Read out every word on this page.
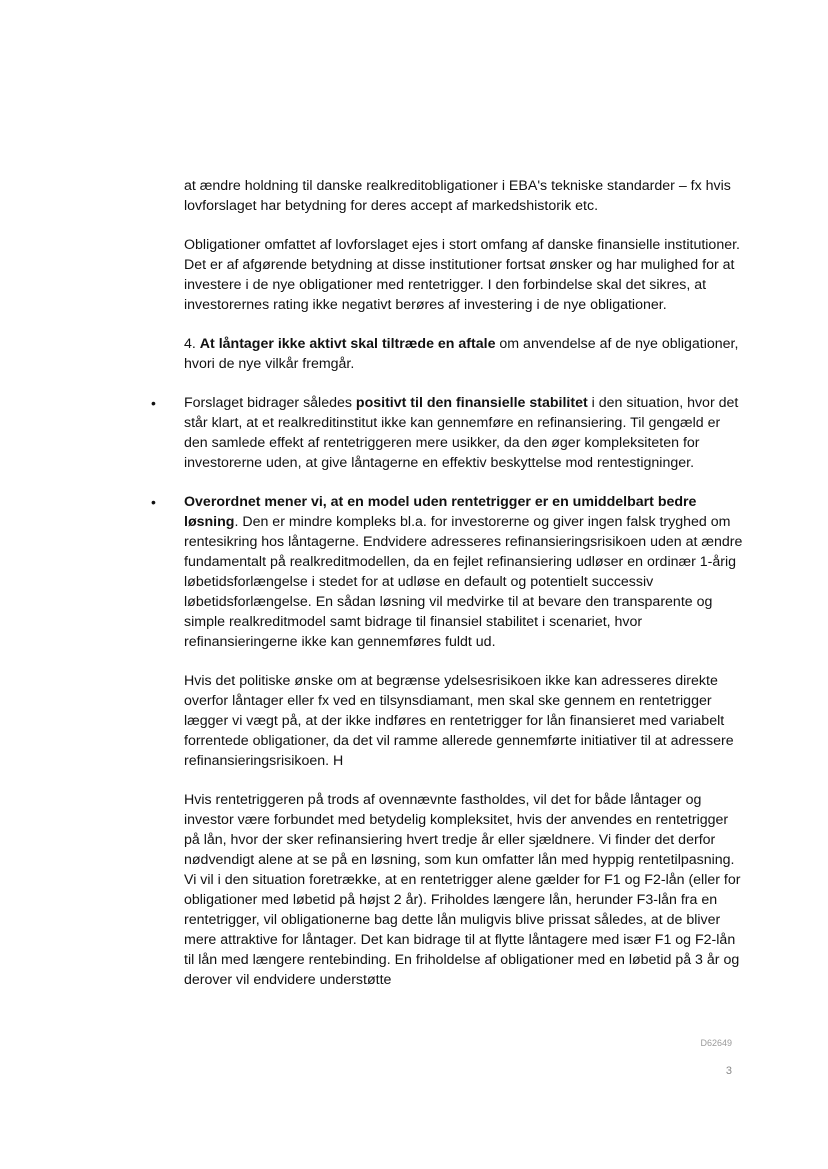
at ændre holdning til danske realkreditobligationer i EBA's tekniske standarder – fx hvis lovforslaget har betydning for deres accept af markedshistorik etc.

Obligationer omfattet af lovforslaget ejes i stort omfang af danske finansielle institutioner. Det er af afgørende betydning at disse institutioner fortsat ønsker og har mulighed for at investere i de nye obligationer med rentetrigger. I den forbindelse skal det sikres, at investorernes rating ikke negativt berøres af investering i de nye obligationer.

4. At låntager ikke aktivt skal tiltræde en aftale om anvendelse af de nye obligationer, hvori de nye vilkår fremgår.

•	Forslaget bidrager således positivt til den finansielle stabilitet i den situation, hvor det står klart, at et realkreditinstitut ikke kan gennemføre en refinansiering. Til gengæld er den samlede effekt af rentetriggeren mere usikker, da den øger kompleksiteten for investorerne uden, at give låntagerne en effektiv beskyttelse mod rentestigninger.
•	Overordnet mener vi, at en model uden rentetrigger er en umiddelbart bedre løsning. Den er mindre kompleks bl.a. for investorerne og giver ingen falsk tryghed om rentesikring hos låntagerne. Endvidere adresseres refinansieringsrisikoen uden at ændre fundamentalt på realkreditmodellen, da en fejlet refinansiering udløser en ordinær 1-årig løbetidsforlængelse i stedet for at udløse en default og potentielt successiv løbetidsforlængelse. En sådan løsning vil medvirke til at bevare den transparente og simple realkreditmodel samt bidrage til finansiel stabilitet i scenariet, hvor refinansieringerne ikke kan gennemføres fuldt ud.

Hvis det politiske ønske om at begrænse ydelsesrisikoen ikke kan adresseres direkte overfor låntager eller fx ved en tilsynsdiamant, men skal ske gennem en rentetrigger lægger vi vægt på, at der ikke indføres en rentetrigger for lån finansieret med variabelt forrentede obligationer, da det vil ramme allerede gennemførte initiativer til at adressere refinansieringsrisikoen. H

Hvis rentetriggeren på trods af ovennævnte fastholdes, vil det for både låntager og investor være forbundet med betydelig kompleksitet, hvis der anvendes en rentetrigger på lån, hvor der sker refinansiering hvert tredje år eller sjældnere. Vi finder det derfor nødvendigt alene at se på en løsning, som kun omfatter lån med hyppig rentetilpasning. Vi vil i den situation foretrække, at en rentetrigger alene gælder for F1 og F2-lån (eller for obligationer med løbetid på højst 2 år). Friholdes længere lån, herunder F3-lån fra en rentetrigger, vil obligationerne bag dette lån muligvis blive prissat således, at de bliver mere attraktive for låntager. Det kan bidrage til at flytte låntagere med især F1 og F2-lån til lån med længere rentebinding. En friholdelse af obligationer med en løbetid på 3 år og derover vil endvidere understøtte

D62649
3
